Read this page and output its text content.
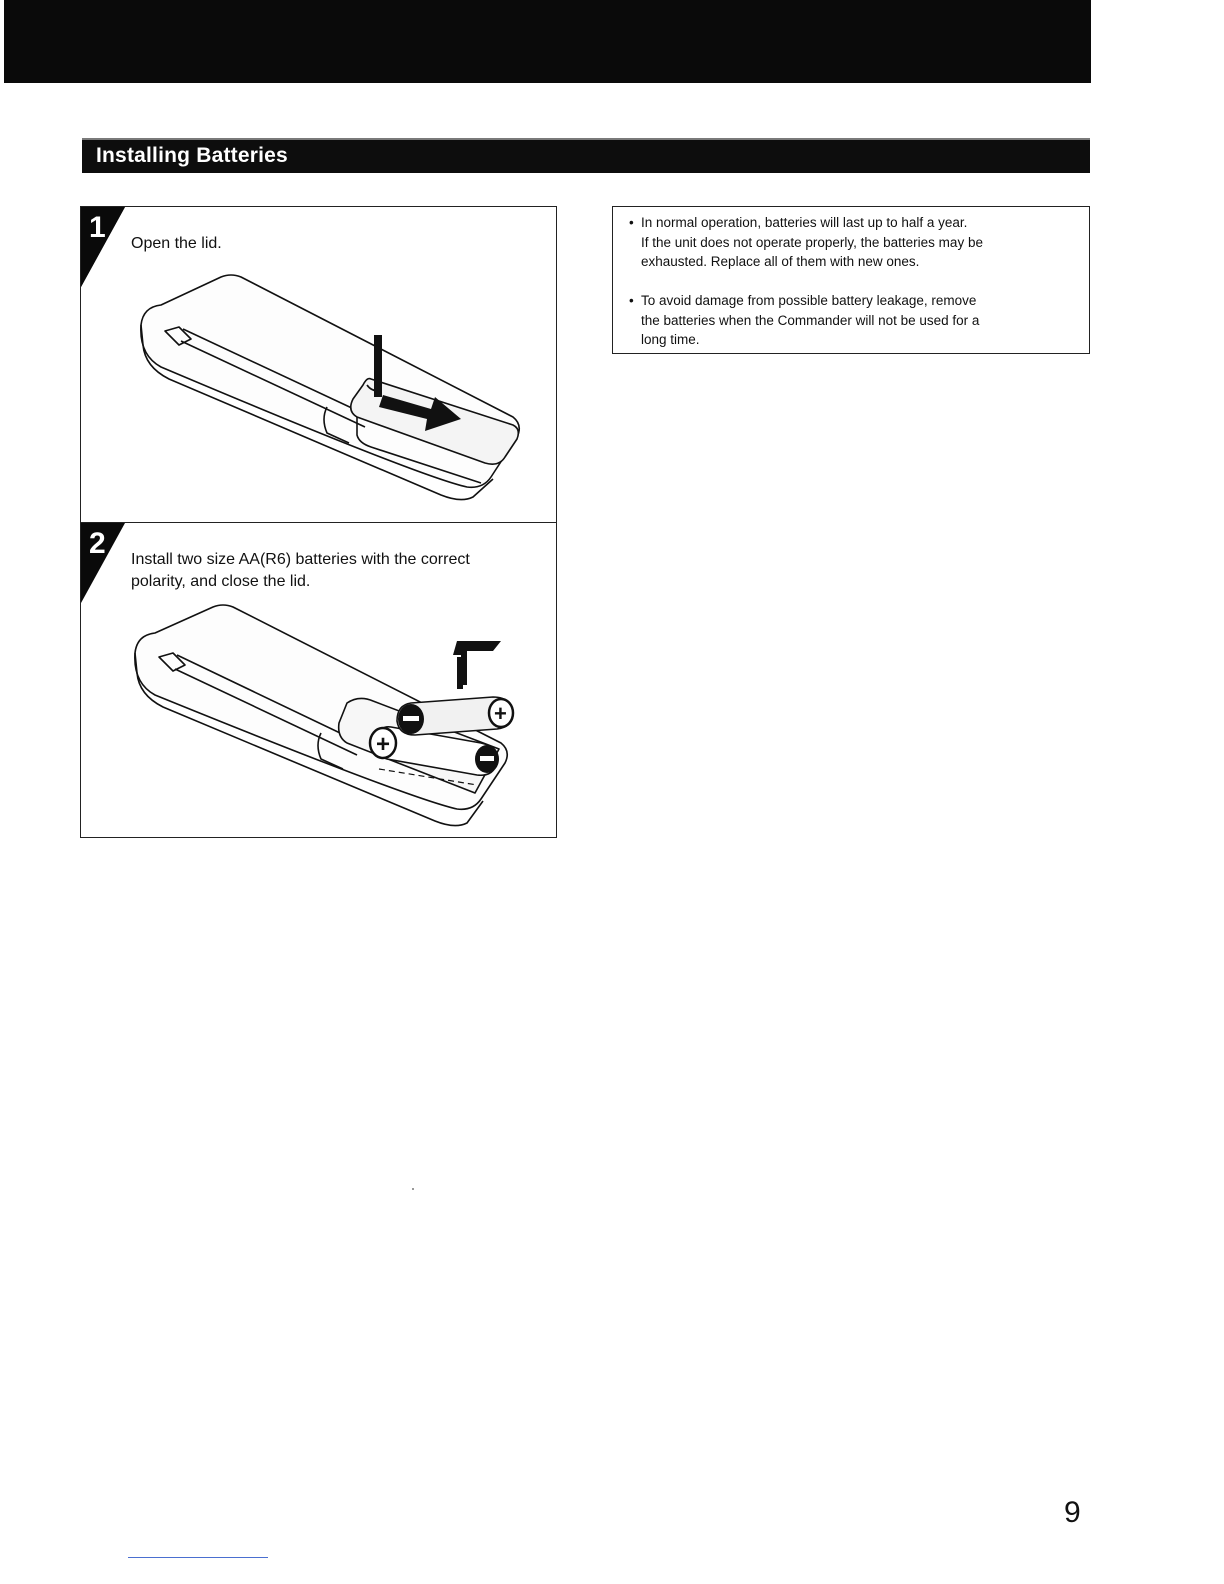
Installing Batteries
1 Open the lid.
2 Install two size AA(R6) batteries with the correct
polarity, and close the lid.
+
+
• In normal operation, batteries will last up to half a year.
If the unit does not operate properly, the batteries may be
exhausted. Replace all of them with new ones.
• To avoid damage from possible battery leakage, remove
the batteries when the Commander will not be used for a
long time.
9
